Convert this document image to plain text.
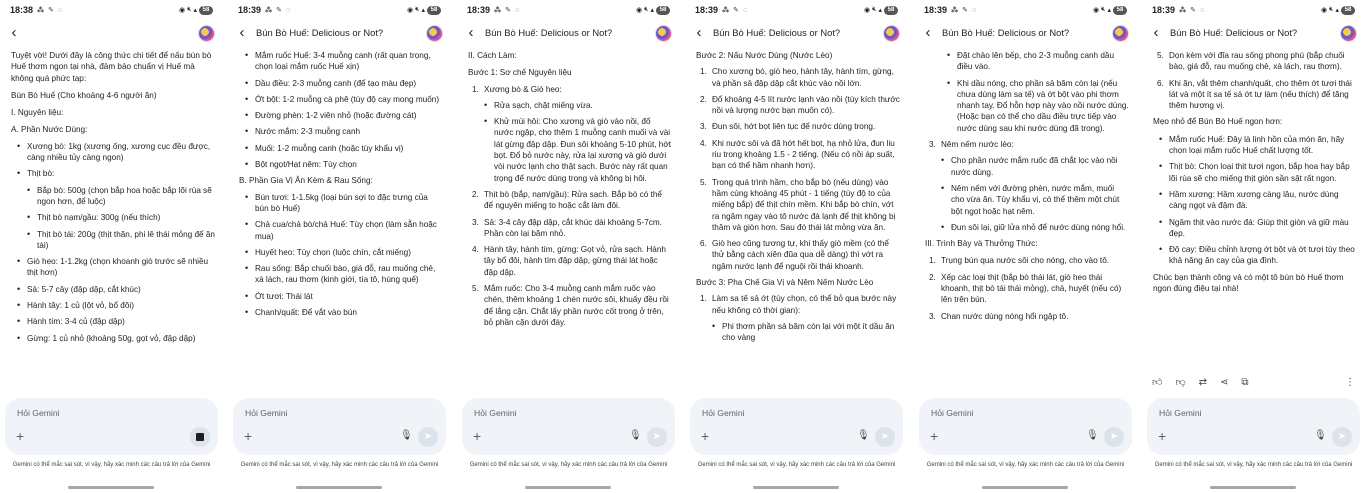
18:38 ⁂ ✎ ◌	◉ 🔇︎ ▴ 58
‹

Tuyệt vời! Dưới đây là công thức chi tiết để nấu bún bò Huế thơm ngon tại nhà, đảm bảo chuẩn vị Huế mà không quá phức tạp:

Bún Bò Huế (Cho khoảng 4-6 người ăn)

I. Nguyên liệu:

A. Phần Nước Dùng:

• Xương bò: 1kg (xương ống, xương cục đều được, càng nhiều tủy càng ngon)
• Thịt bò:
• Bắp bò: 500g (chọn bắp hoa hoặc bắp lõi rùa sẽ ngon hơn, để luộc)
• Thịt bò nạm/gầu: 300g (nếu thích)
• Thịt bò tái: 200g (thịt thăn, phi lê thái mỏng để ăn tái)
• Giò heo: 1-1.2kg (chọn khoanh giò trước sẽ nhiều thịt hơn)
• Sả: 5-7 cây (đập dập, cắt khúc)
• Hành tây: 1 củ (lột vỏ, bổ đôi)
• Hành tím: 3-4 củ (đập dập)
• Gừng: 1 củ nhỏ (khoảng 50g, gọt vỏ, đập dập)
Hỏi Gemini
+
Gemini có thể mắc sai sót, vì vậy, hãy xác minh các câu trả lời của Gemini
18:39 ⁂ ✎ ◌	◉ 🔇︎ ▴ 58
‹	Bún Bò Huế: Delicious or Not?
• Mắm ruốc Huế: 3-4 muỗng canh (rất quan trọng, chọn loại mắm ruốc Huế xịn)
• Dầu điều: 2-3 muỗng canh (để tạo màu đẹp)
• Ớt bột: 1-2 muỗng cà phê (tùy độ cay mong muốn)
• Đường phèn: 1-2 viên nhỏ (hoặc đường cát)
• Nước mắm: 2-3 muỗng canh
• Muối: 1-2 muỗng canh (hoặc tùy khẩu vị)
• Bột ngọt/Hạt nêm: Tùy chọn

B. Phần Gia Vị Ăn Kèm & Rau Sống:

• Bún tươi: 1-1.5kg (loại bún sợi to đặc trưng của bún bò Huế)
• Chả cua/chả bò/chả Huế: Tùy chọn (làm sẵn hoặc mua)
• Huyết heo: Tùy chọn (luộc chín, cắt miếng)
• Rau sống: Bắp chuối bào, giá đỗ, rau muống chẻ, xà lách, rau thơm (kinh giới, tía tô, húng quế)
• Ớt tươi: Thái lát
• Chanh/quất: Để vắt vào bún
Hỏi Gemini
+	🎙︎	➤
Gemini có thể mắc sai sót, vì vậy, hãy xác minh các câu trả lời của Gemini
18:39 ⁂ ✎ ◌	◉ 🔇︎ ▴ 58
‹	Bún Bò Huế: Delicious or Not?

II. Cách Làm:

Bước 1: Sơ chế Nguyên liệu

1. Xương bò & Giò heo:
• Rửa sạch, chặt miếng vừa.
• Khử mùi hôi: Cho xương và giò vào nồi, đổ nước ngập, cho thêm 1 muỗng canh muối và vài lát gừng đập dập. Đun sôi khoảng 5-10 phút, hớt bọt. Đổ bỏ nước này, rửa lại xương và giò dưới vòi nước lạnh cho thật sạch. Bước này rất quan trọng để nước dùng trong và không bị hôi.
2. Thịt bò (bắp, nạm/gầu): Rửa sạch. Bắp bò có thể để nguyên miếng to hoặc cắt làm đôi.
3. Sả: 3-4 cây đập dập, cắt khúc dài khoảng 5-7cm. Phần còn lại băm nhỏ.
4. Hành tây, hành tím, gừng: Gọt vỏ, rửa sạch. Hành tây bổ đôi, hành tím đập dập, gừng thái lát hoặc đập dập.
5. Mắm ruốc: Cho 3-4 muỗng canh mắm ruốc vào chén, thêm khoảng 1 chén nước sôi, khuấy đều rồi để lắng cặn. Chắt lấy phần nước cốt trong ở trên, bỏ phần cặn dưới đáy.
Hỏi Gemini
+	🎙︎	➤
Gemini có thể mắc sai sót, vì vậy, hãy xác minh các câu trả lời của Gemini
18:39 ⁂ ✎ ◌	◉ 🔇︎ ▴ 58
‹	Bún Bò Huế: Delicious or Not?

Bước 2: Nấu Nước Dùng (Nước Lèo)

1. Cho xương bò, giò heo, hành tây, hành tím, gừng, và phần sả đập dập cắt khúc vào nồi lớn.
2. Đổ khoảng 4-5 lít nước lạnh vào nồi (tùy kích thước nồi và lượng nước bạn muốn có).
3. Đun sôi, hớt bọt liên tục để nước dùng trong.
4. Khi nước sôi và đã hớt hết bọt, hạ nhỏ lửa, đun liu riu trong khoảng 1.5 - 2 tiếng. (Nếu có nồi áp suất, bạn có thể hầm nhanh hơn).
5. Trong quá trình hầm, cho bắp bò (nếu dùng) vào hầm cùng khoảng 45 phút - 1 tiếng (tùy độ to của miếng bắp) để thịt chín mềm. Khi bắp bò chín, vớt ra ngâm ngay vào tô nước đá lạnh để thịt không bị thâm và giòn hơn. Sau đó thái lát mỏng vừa ăn.
6. Giò heo cũng tương tự, khi thấy giò mềm (có thể thử bằng cách xiên đũa qua dễ dàng) thì vớt ra ngâm nước lạnh để nguội rồi thái khoanh.

Bước 3: Pha Chế Gia Vị và Nêm Nếm Nước Lèo

1. Làm sa tế sả ớt (tùy chọn, có thể bỏ qua bước này nếu không có thời gian):
• Phi thơm phần sả băm còn lại với một ít dầu ăn cho vàng
Hỏi Gemini
+	🎙︎	➤
Gemini có thể mắc sai sót, vì vậy, hãy xác minh các câu trả lời của Gemini
18:39 ⁂ ✎ ◌	◉ 🔇︎ ▴ 58
‹	Bún Bò Huế: Delicious or Not?
• Đặt chảo lên bếp, cho 2-3 muỗng canh dầu điều vào.
• Khi dầu nóng, cho phần sả băm còn lại (nếu chưa dùng làm sa tế) và ớt bột vào phi thơm nhanh tay. Đổ hỗn hợp này vào nồi nước dùng. (Hoặc bạn có thể cho dầu điều trực tiếp vào nước dùng sau khi nước dùng đã trong).
3. Nêm nếm nước lèo:
• Cho phần nước mắm ruốc đã chắt lọc vào nồi nước dùng.
• Nêm nếm với đường phèn, nước mắm, muối cho vừa ăn. Tùy khẩu vị, có thể thêm một chút bột ngọt hoặc hạt nêm.
• Đun sôi lại, giữ lửa nhỏ để nước dùng nóng hổi.

III. Trình Bày và Thưởng Thức:

1. Trụng bún qua nước sôi cho nóng, cho vào tô.
2. Xếp các loại thịt (bắp bò thái lát, giò heo thái khoanh, thịt bò tái thái mỏng), chả, huyết (nếu có) lên trên bún.
3. Chan nước dùng nóng hổi ngập tô.
Hỏi Gemini
+	🎙︎	➤
Gemini có thể mắc sai sót, vì vậy, hãy xác minh các câu trả lời của Gemini
18:39 ⁂ ✎ ◌	◉ 🔇︎ ▴ 58
‹	Bún Bò Huế: Delicious or Not?
5. Dọn kèm với đĩa rau sống phong phú (bắp chuối bào, giá đỗ, rau muống chẻ, xà lách, rau thơm).
6. Khi ăn, vắt thêm chanh/quất, cho thêm ớt tươi thái lát và một ít sa tế sả ớt tự làm (nếu thích) để tăng thêm hương vị.

Mẹo nhỏ để Bún Bò Huế ngon hơn:

• Mắm ruốc Huế: Đây là linh hồn của món ăn, hãy chọn loại mắm ruốc Huế chất lượng tốt.
• Thịt bò: Chọn loại thịt tươi ngon, bắp hoa hay bắp lõi rùa sẽ cho miếng thịt giòn sần sật rất ngon.
• Hầm xương: Hầm xương càng lâu, nước dùng càng ngọt và đậm đà.
• Ngâm thịt vào nước đá: Giúp thịt giòn và giữ màu đẹp.
• Độ cay: Điều chỉnh lượng ớt bột và ớt tươi tùy theo khả năng ăn cay của gia đình.

Chúc bạn thành công và có một tô bún bò Huế thơm ngon đúng điệu tại nhà!

👍︎ 👎︎ ⇄ ⋖ ⧉	⋮
Hỏi Gemini
+	🎙︎	➤
Gemini có thể mắc sai sót, vì vậy, hãy xác minh các câu trả lời của Gemini
